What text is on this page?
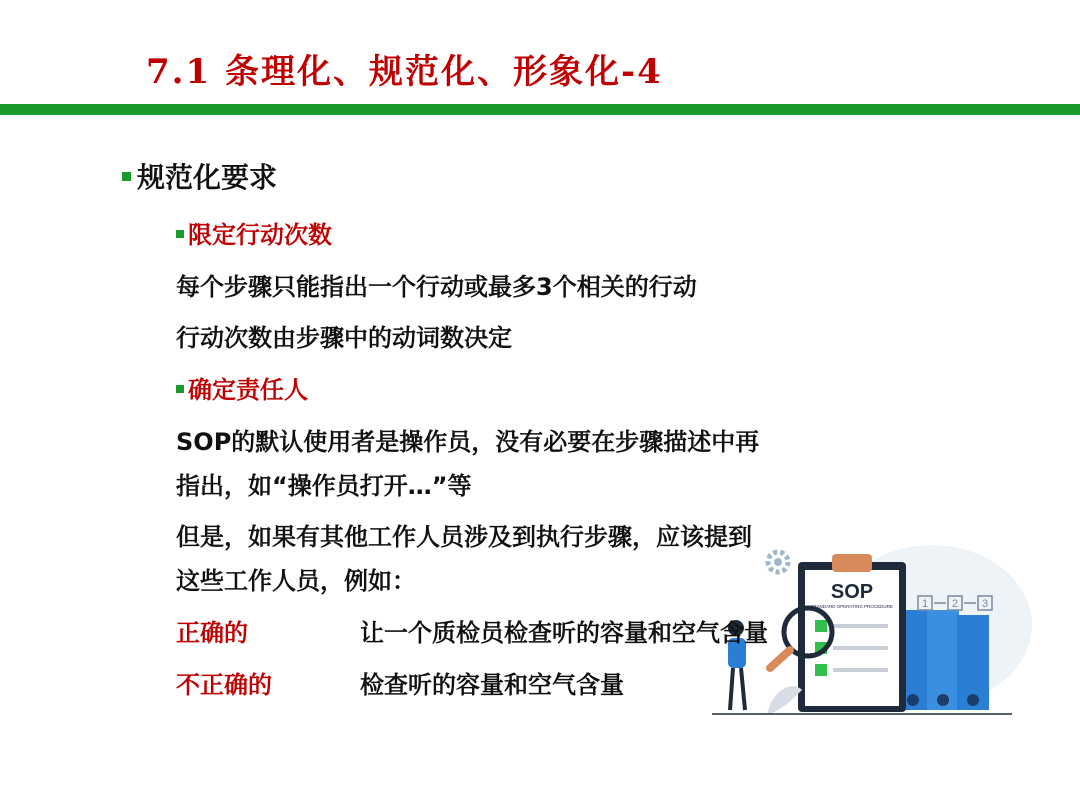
7.1 条理化、规范化、形象化-4
规范化要求
限定行动次数
每个步骤只能指出一个行动或最多3个相关的行动
行动次数由步骤中的动词数决定
确定责任人
SOP的默认使用者是操作员，没有必要在步骤描述中再
指出，如“操作员打开…”等
但是，如果有其他工作人员涉及到执行步骤，应该提到
这些工作人员，例如：
1 2 3
SOP
STANDARD OPERATING PROCEDURE
正确的	让一个质检员检查听的容量和空气含量
不正确的	检查听的容量和空气含量
